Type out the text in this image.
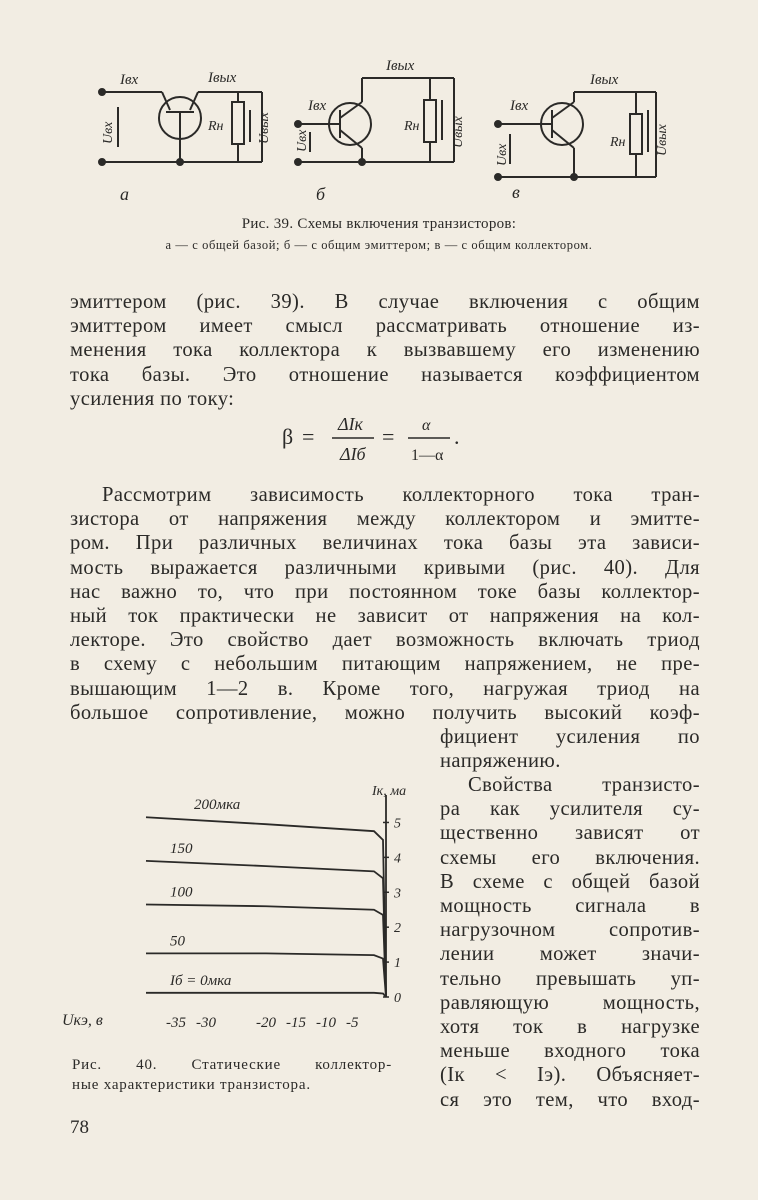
Iвх	Iвых
Rн
Uвх	Uвых
а
Iвх
Iвых
Rн
Uвх	Uвых
б
Iвх
Iвых
Rн
Uвх	Uвых
в
Рис. 39. Схемы включения транзисторов:
а — с общей базой; б — с общим эмиттером; в — с общим коллектором.
эмиттером (рис. 39). В случае включения с общим
эмиттером имеет смысл рассматривать отношение из-
менения тока коллектора к вызвавшему его изменению
тока базы. Это отношение называется коэффициентом
усиления по току:
β = ΔIк
ΔIб
= α
1—α
.
Рассмотрим зависимость коллекторного тока тран-
зистора от напряжения между коллектором и эмитте-
ром. При различных величинах тока базы эта зависи-
мость выражается различными кривыми (рис. 40). Для
нас важно то, что при постоянном токе базы коллектор-
ный ток практически не зависит от напряжения на кол-
лекторе. Это свойство дает возможность включать триод
в схему с небольшим питающим напряжением, не пре-
вышающим 1—2 в. Кроме того, нагружая триод на
большое сопротивление, можно получить высокий коэф-
фициент усиления по
напряжению.
Свойства транзисто-
ра как усилителя су-
щественно зависят от
схемы его включения.
В схеме с общей базой
мощность сигнала в
нагрузочном сопротив-
лении может значи-
тельно превышать уп-
равляющую мощность,
хотя ток в нагрузке
меньше входного тока
(Iк < Iэ). Объясняет-
ся это тем, что вход-
Iк, ма
Uкэ, в
0
1
2
3
4
5
-35 -30	-20 -15 -10 -5
200мка
150
100
50
Iб = 0мка
Рис. 40. Статические коллектор-
ные характеристики транзистора.
78
